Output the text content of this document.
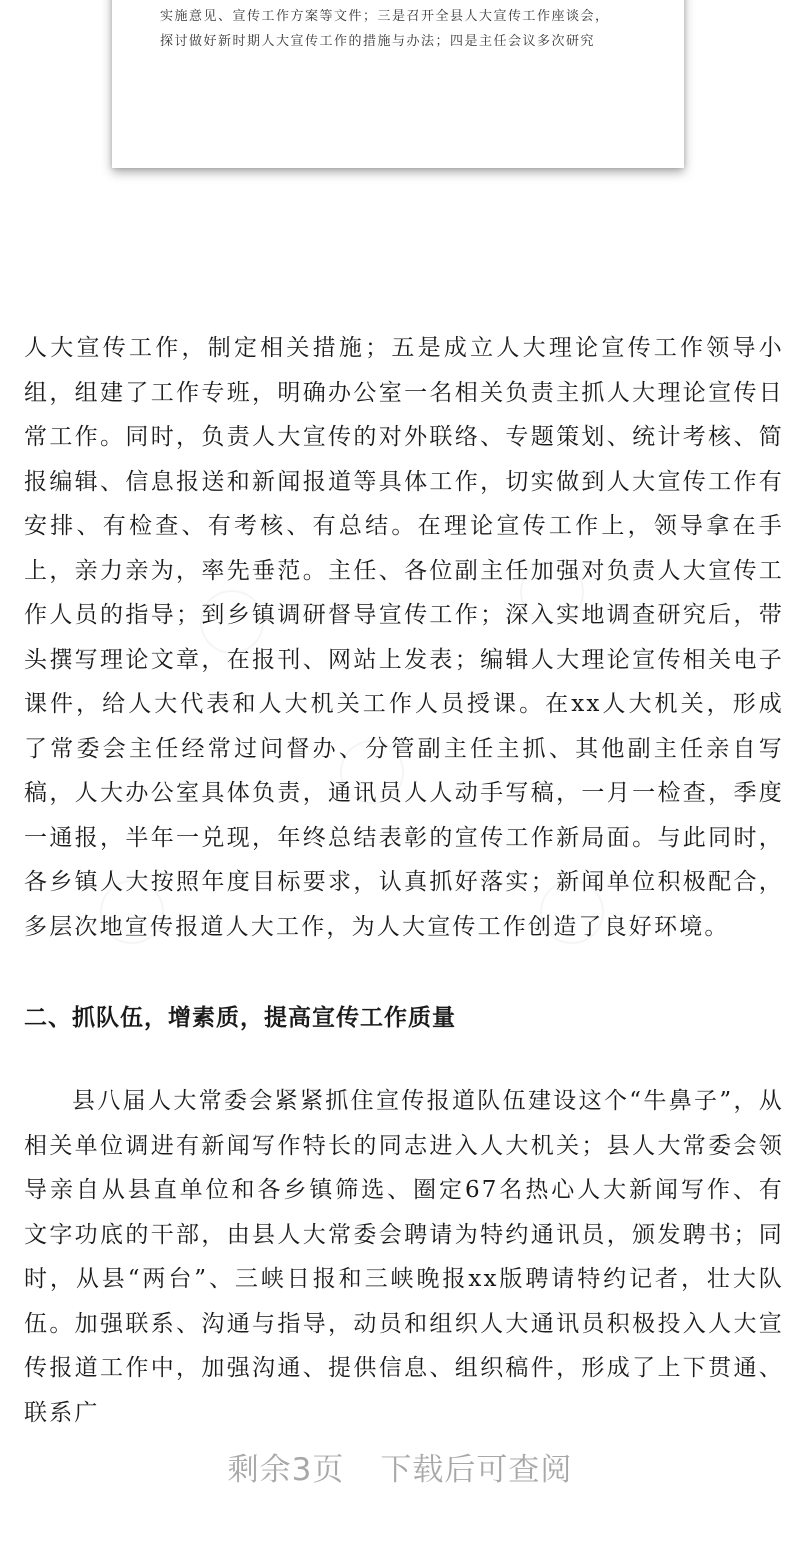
实施意见、宣传工作方案等文件；三是召开全县人大宣传工作座谈会，
探讨做好新时期人大宣传工作的措施与办法；四是主任会议多次研究

人大宣传工作，制定相关措施；五是成立人大理论宣传工作领导小组，组建了工作专班，明确办公室一名相关负责主抓人大理论宣传日常工作。同时，负责人大宣传的对外联络、专题策划、统计考核、简报编辑、信息报送和新闻报道等具体工作，切实做到人大宣传工作有安排、有检查、有考核、有总结。在理论宣传工作上，领导拿在手上，亲力亲为，率先垂范。主任、各位副主任加强对负责人大宣传工作人员的指导；到乡镇调研督导宣传工作；深入实地调查研究后，带头撰写理论文章，在报刊、网站上发表；编辑人大理论宣传相关电子课件，给人大代表和人大机关工作人员授课。在xx人大机关，形成了常委会主任经常过问督办、分管副主任主抓、其他副主任亲自写稿，人大办公室具体负责，通讯员人人动手写稿，一月一检查，季度一通报，半年一兑现，年终总结表彰的宣传工作新局面。与此同时，各乡镇人大按照年度目标要求，认真抓好落实；新闻单位积极配合，多层次地宣传报道人大工作，为人大宣传工作创造了良好环境。

二、抓队伍，增素质，提高宣传工作质量

县八届人大常委会紧紧抓住宣传报道队伍建设这个“牛鼻子”，从相关单位调进有新闻写作特长的同志进入人大机关；县人大常委会领导亲自从县直单位和各乡镇筛选、圈定67名热心人大新闻写作、有文字功底的干部，由县人大常委会聘请为特约通讯员，颁发聘书；同时，从县“两台”、三峡日报和三峡晚报xx版聘请特约记者，壮大队伍。加强联系、沟通与指导，动员和组织人大通讯员积极投入人大宣传报道工作中，加强沟通、提供信息、组织稿件，形成了上下贯通、联系广

剩余3页 下载后可查阅
